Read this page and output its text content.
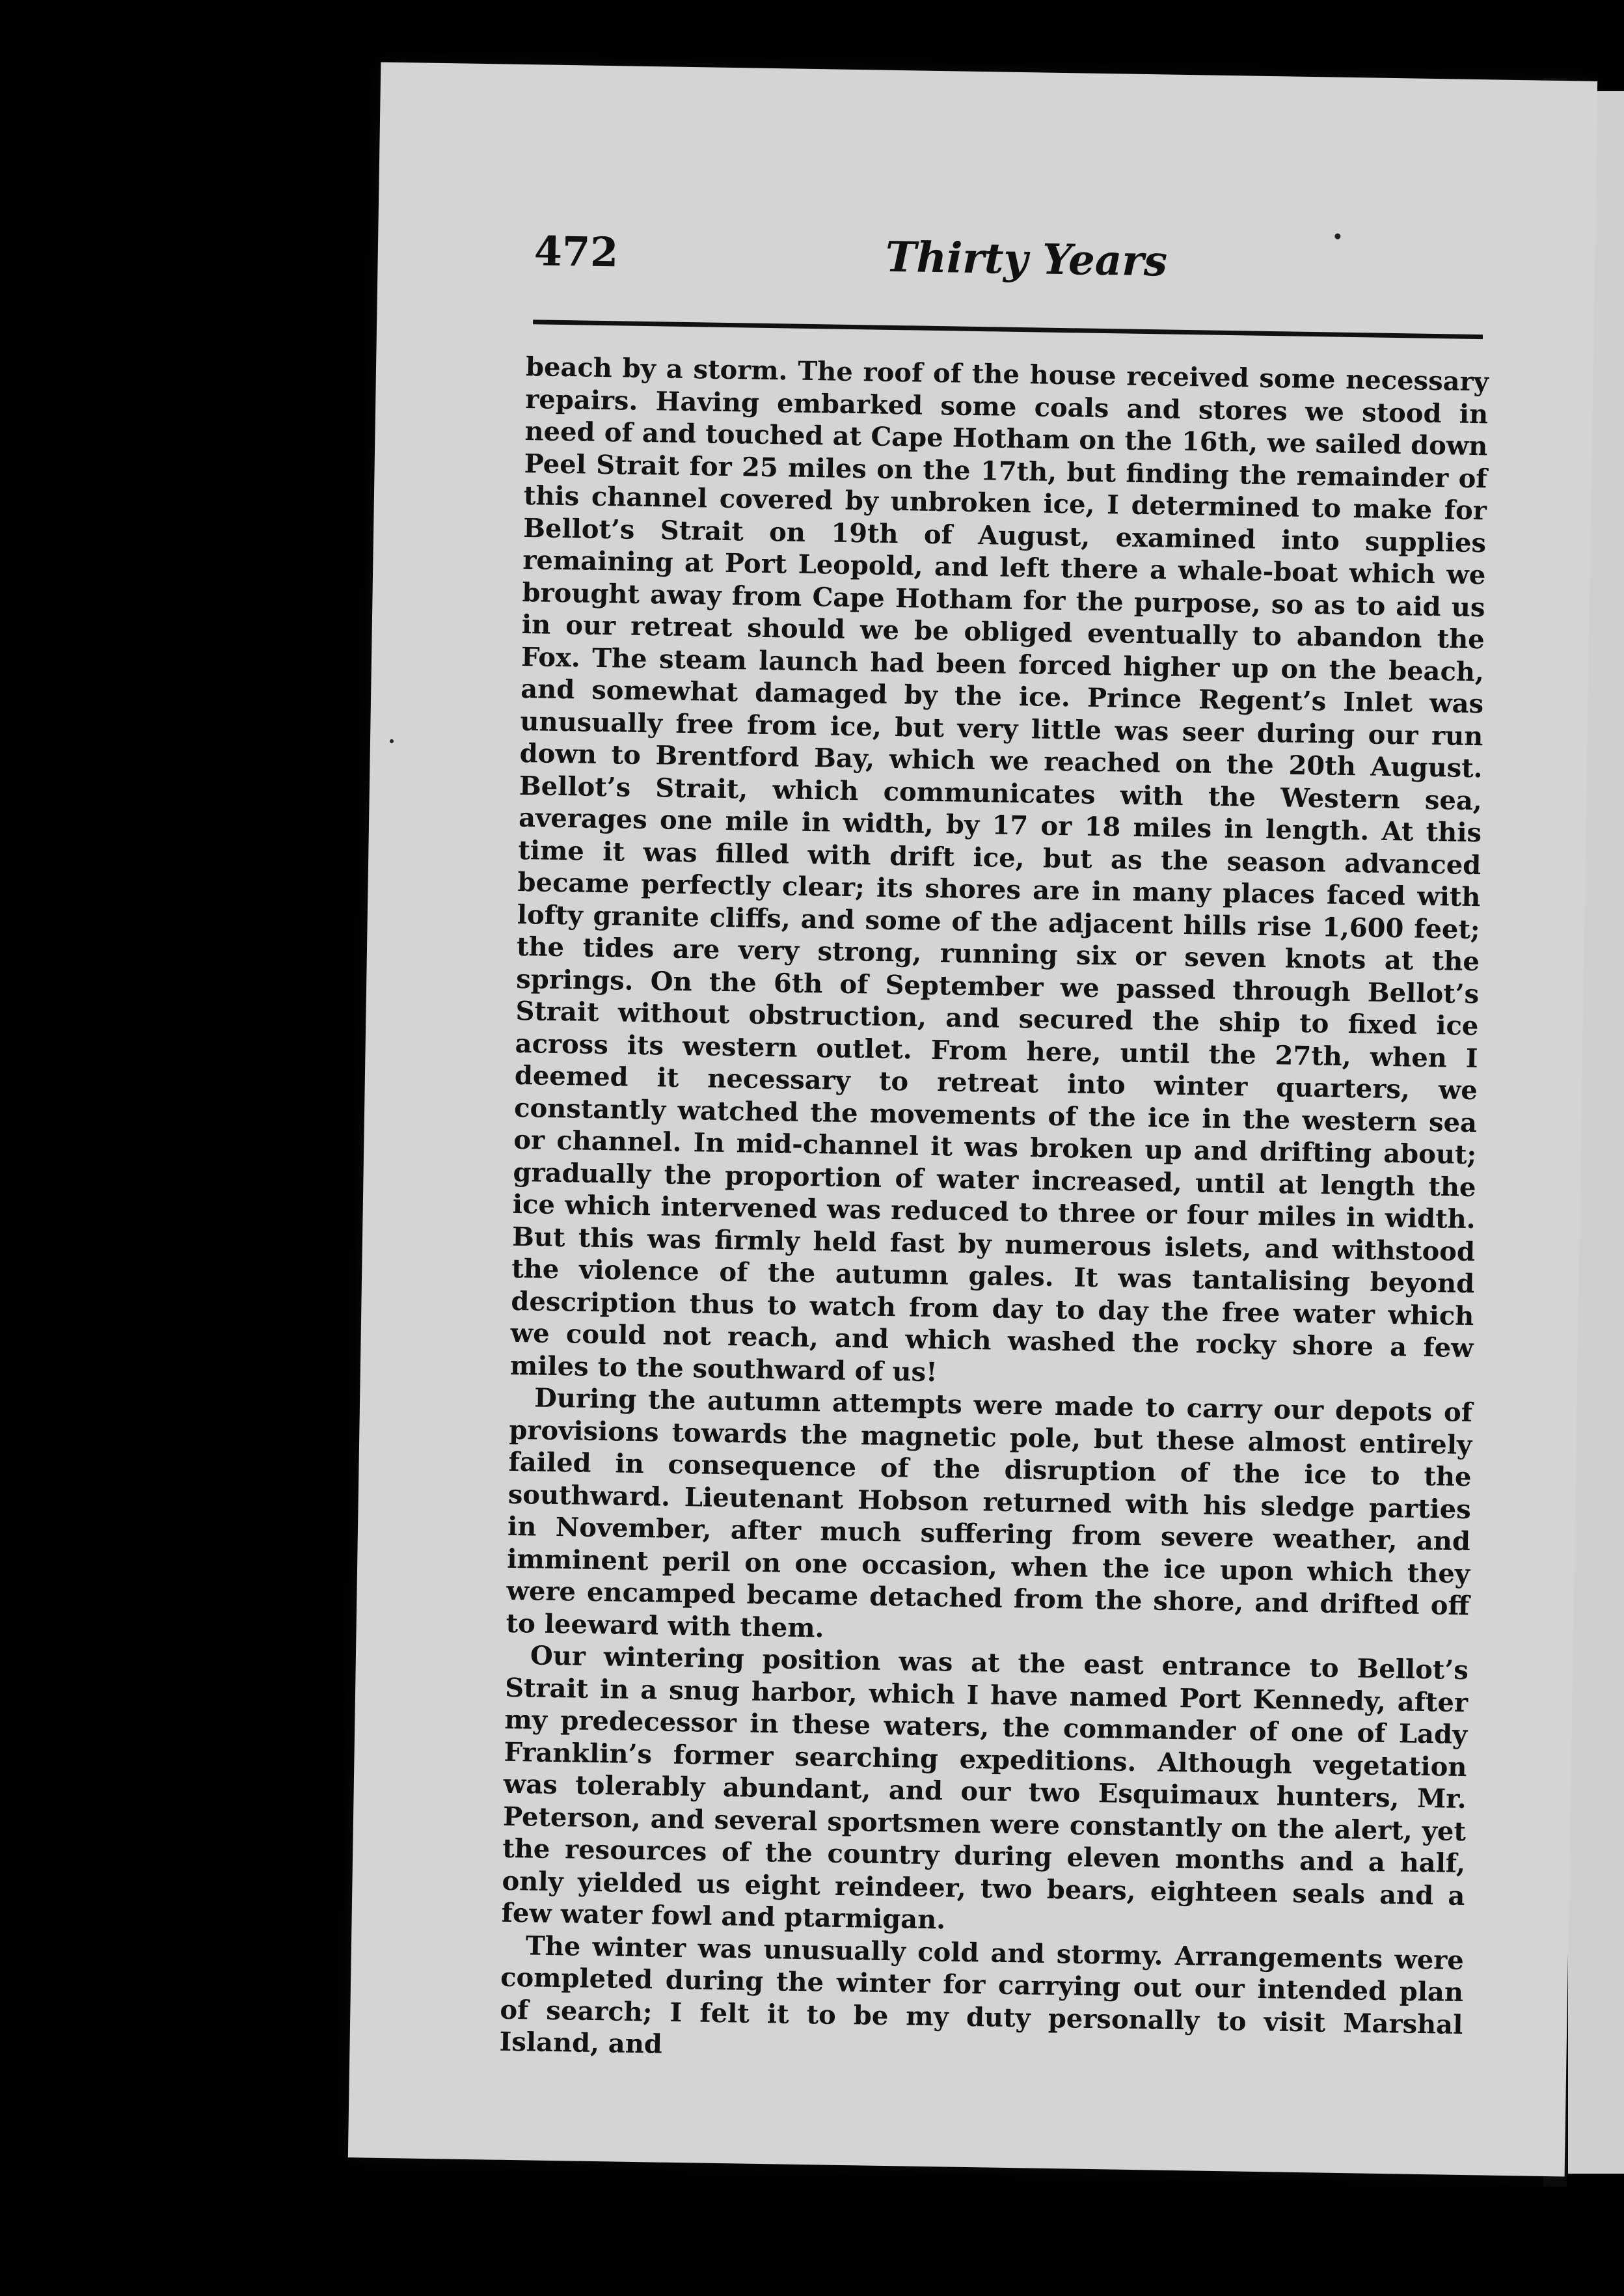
472	Thirty Years

beach by a storm. The roof of the house received some necessary repairs. Having embarked some coals and stores we stood in need of and touched at Cape Hotham on the 16th, we sailed down Peel Strait for 25 miles on the 17th, but finding the remainder of this channel covered by unbroken ice, I determined to make for Bellot’s Strait on 19th of August, examined into supplies remaining at Port Leopold, and left there a whale-boat which we brought away from Cape Hotham for the purpose, so as to aid us in our retreat should we be obliged eventually to abandon the Fox. The steam launch had been forced higher up on the beach, and somewhat damaged by the ice. Prince Regent’s Inlet was unusually free from ice, but very little was seer during our run down to Brentford Bay, which we reached on the 20th August. Bellot’s Strait, which communicates with the Western sea, averages one mile in width, by 17 or 18 miles in length. At this time it was filled with drift ice, but as the season advanced became perfectly clear; its shores are in many places faced with lofty granite cliffs, and some of the adjacent hills rise 1,600 feet; the tides are very strong, running six or seven knots at the springs. On the 6th of September we passed through Bellot’s Strait without obstruction, and secured the ship to fixed ice across its western outlet. From here, until the 27th, when I deemed it necessary to retreat into winter quarters, we constantly watched the movements of the ice in the western sea or channel. In mid-channel it was broken up and drifting about; gradually the proportion of water increased, until at length the ice which intervened was reduced to three or four miles in width. But this was firmly held fast by numerous islets, and withstood the violence of the autumn gales. It was tantalising beyond description thus to watch from day to day the free water which we could not reach, and which washed the rocky shore a few miles to the southward of us!

During the autumn attempts were made to carry our depots of provisions towards the magnetic pole, but these almost entirely failed in consequence of the disruption of the ice to the southward. Lieutenant Hobson returned with his sledge parties in November, after much suffering from severe weather, and imminent peril on one occasion, when the ice upon which they were encamped became detached from the shore, and drifted off to leeward with them.

Our wintering position was at the east entrance to Bellot’s Strait in a snug harbor, which I have named Port Kennedy, after my predecessor in these waters, the commander of one of Lady Franklin’s former searching expeditions. Although vegetation was tolerably abundant, and our two Esquimaux hunters, Mr. Peterson, and several sportsmen were constantly on the alert, yet the resources of the country during eleven months and a half, only yielded us eight reindeer, two bears, eighteen seals and a few water fowl and ptarmigan.

The winter was unusually cold and stormy. Arrangements were completed during the winter for carrying out our intended plan of search; I felt it to be my duty personally to visit Marshal Island, and
